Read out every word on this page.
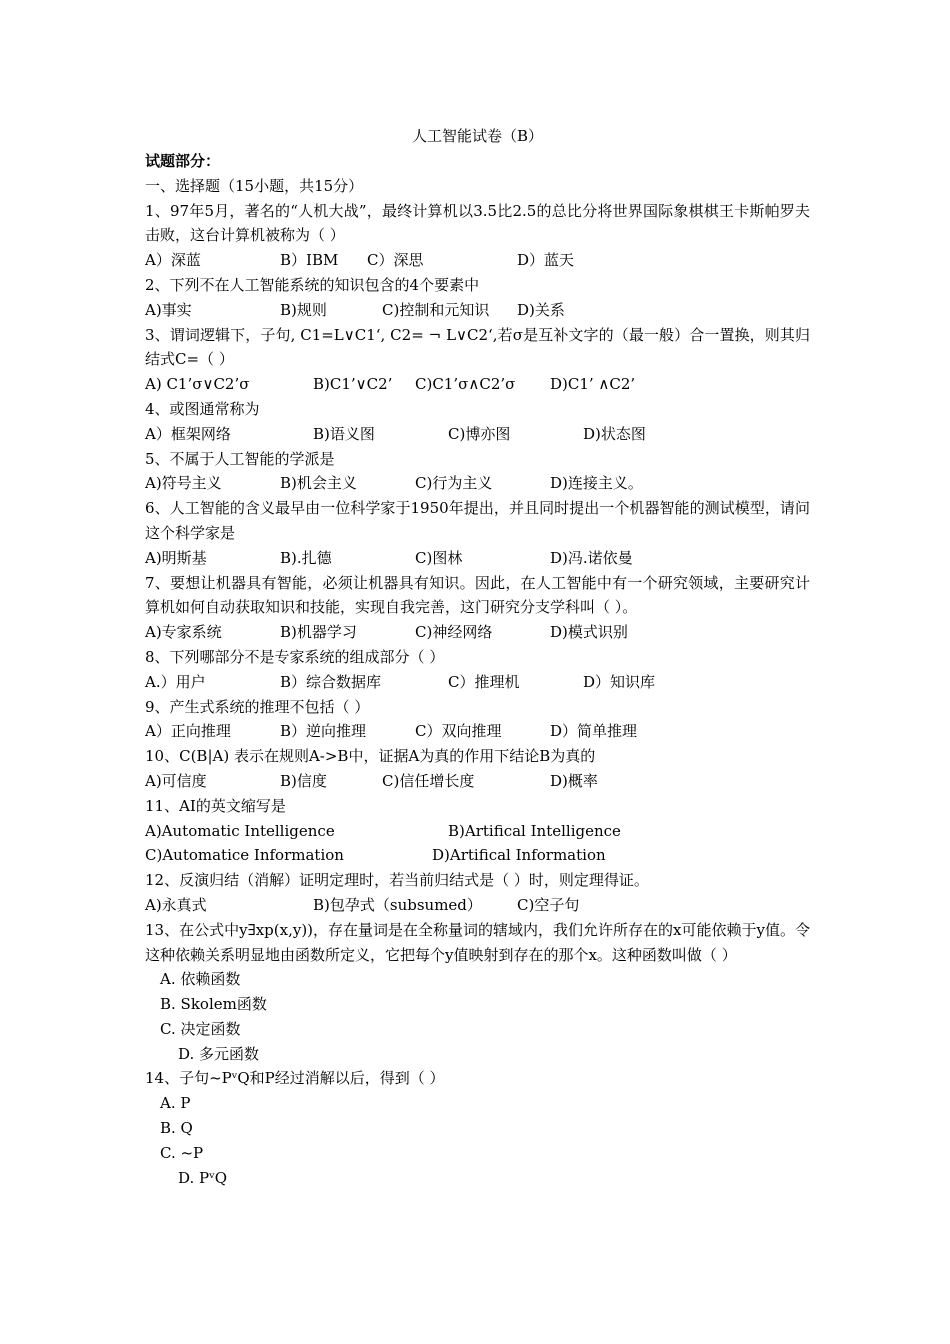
人工智能试卷（B）
试题部分：
一、选择题（15小题，共15分）
1、97年5月，著名的“人机大战”，最终计算机以3.5比2.5的总比分将世界国际象棋棋王卡斯帕罗夫击败，这台计算机被称为（ ）
A）深蓝	B）IBM C）深思	D）蓝天
2、下列不在人工智能系统的知识包含的4个要素中
A)事实	B)规则	C)控制和元知识 D)关系
3、谓词逻辑下，子句, C1=L∨C1‘, C2= ¬ L∨C2‘,若σ是互补文字的（最一般）合一置换，则其归结式C=（ ）
A) C1’σ∨C2’σ	B)C1’∨C2’ C)C1’σ∧C2’σ D)C1’ ∧C2’
4、或图通常称为
A）框架网络	B)语义图	C)博亦图	D)状态图
5、不属于人工智能的学派是
A)符号主义	B)机会主义	C)行为主义	D)连接主义。
6、人工智能的含义最早由一位科学家于1950年提出，并且同时提出一个机器智能的测试模型，请问这个科学家是
A)明斯基	B).扎德	C)图林	D)冯.诺依曼
7、要想让机器具有智能，必须让机器具有知识。因此，在人工智能中有一个研究领域，主要研究计算机如何自动获取知识和技能，实现自我完善，这门研究分支学科叫（ ）。
A)专家系统	B)机器学习	C)神经网络	D)模式识别
8、下列哪部分不是专家系统的组成部分（ ）
A.）用户	B）综合数据库	C）推理机	D）知识库
9、产生式系统的推理不包括（ ）
A）正向推理	B）逆向推理	C）双向推理	D）简单推理
10、C(B|A) 表示在规则A->B中，证据A为真的作用下结论B为真的
A)可信度	B)信度	C)信任增长度	D)概率
11、AI的英文缩写是
A)Automatic Intelligence	B)Artifical Intelligence
C)Automatice Information	D)Artifical Information
12、反演归结（消解）证明定理时，若当前归结式是（ ）时，则定理得证。
A)永真式	B)包孕式（subsumed） C)空子句
13、在公式中y∃xp(x,y))，存在量词是在全称量词的辖域内，我们允许所存在的x可能依赖于y值。令这种依赖关系明显地由函数所定义，它把每个y值映射到存在的那个x。这种函数叫做（ ）
A. 依赖函数
B. Skolem函数
C. 决定函数
D. 多元函数
14、子句~PᵛQ和P经过消解以后，得到（ ）
A. P
B. Q
C. ~P
D. PᵛQ
